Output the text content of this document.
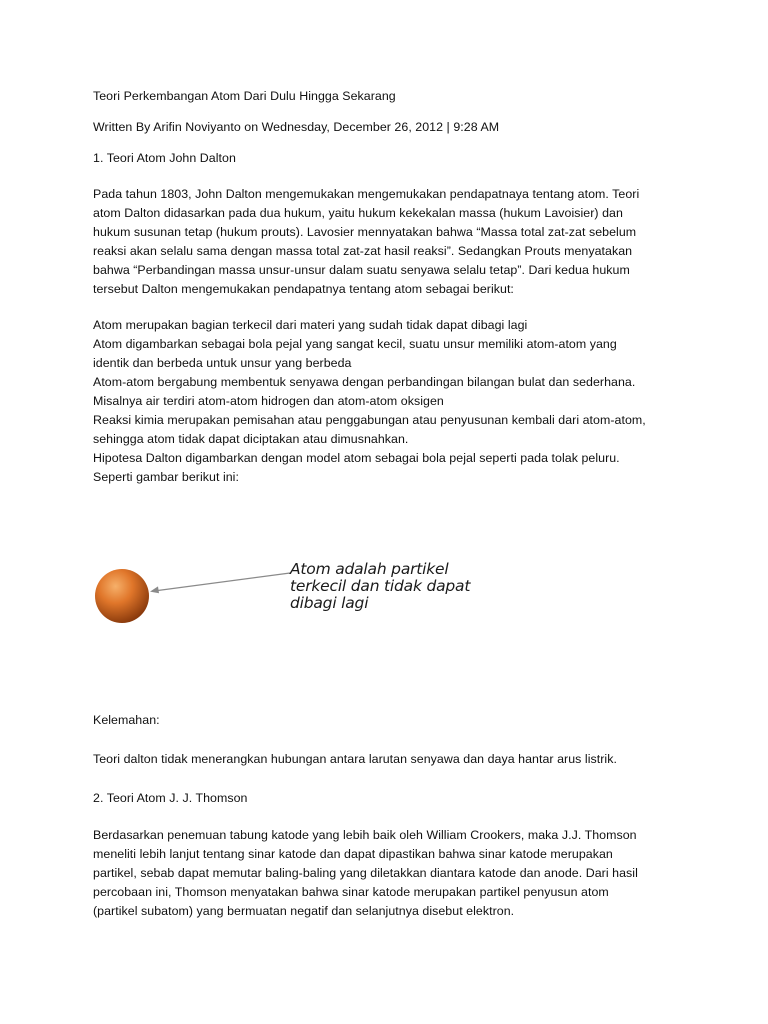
Teori Perkembangan Atom Dari Dulu Hingga Sekarang
Written By Arifin Noviyanto on Wednesday, December 26, 2012 | 9:28 AM
1. Teori Atom John Dalton
Pada tahun 1803, John Dalton mengemukakan mengemukakan pendapatnaya tentang atom. Teori
atom Dalton didasarkan pada dua hukum, yaitu hukum kekekalan massa (hukum Lavoisier) dan
hukum susunan tetap (hukum prouts). Lavosier mennyatakan bahwa “Massa total zat-zat sebelum
reaksi akan selalu sama dengan massa total zat-zat hasil reaksi”. Sedangkan Prouts menyatakan
bahwa “Perbandingan massa unsur-unsur dalam suatu senyawa selalu tetap”. Dari kedua hukum
tersebut Dalton mengemukakan pendapatnya tentang atom sebagai berikut:
Atom merupakan bagian terkecil dari materi yang sudah tidak dapat dibagi lagi
Atom digambarkan sebagai bola pejal yang sangat kecil, suatu unsur memiliki atom-atom yang
identik dan berbeda untuk unsur yang berbeda
Atom-atom bergabung membentuk senyawa dengan perbandingan bilangan bulat dan sederhana.
Misalnya air terdiri atom-atom hidrogen dan atom-atom oksigen
Reaksi kimia merupakan pemisahan atau penggabungan atau penyusunan kembali dari atom-atom,
sehingga atom tidak dapat diciptakan atau dimusnahkan.
Hipotesa Dalton digambarkan dengan model atom sebagai bola pejal seperti pada tolak peluru.
Seperti gambar berikut ini:
Atom adalah partikel
terkecil dan tidak dapat
dibagi lagi
Kelemahan:
Teori dalton tidak menerangkan hubungan antara larutan senyawa dan daya hantar arus listrik.
2. Teori Atom J. J. Thomson
Berdasarkan penemuan tabung katode yang lebih baik oleh William Crookers, maka J.J. Thomson
meneliti lebih lanjut tentang sinar katode dan dapat dipastikan bahwa sinar katode merupakan
partikel, sebab dapat memutar baling-baling yang diletakkan diantara katode dan anode. Dari hasil
percobaan ini, Thomson menyatakan bahwa sinar katode merupakan partikel penyusun atom
(partikel subatom) yang bermuatan negatif dan selanjutnya disebut elektron.
